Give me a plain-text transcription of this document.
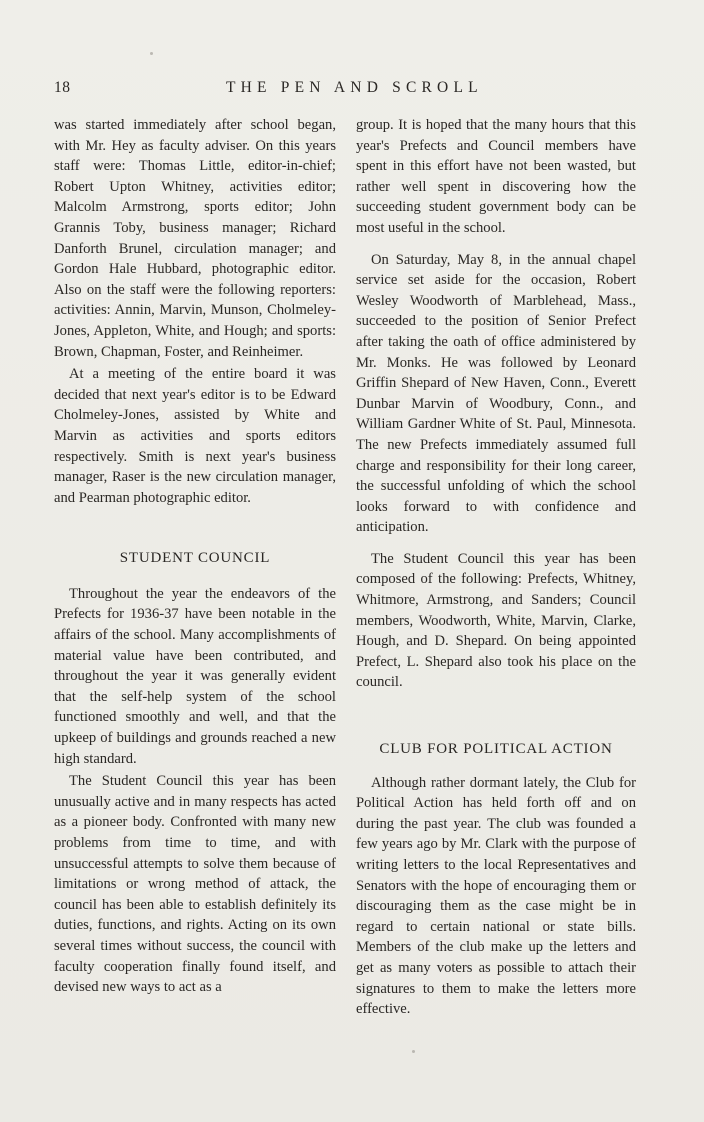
18	THE PEN AND SCROLL

was started immediately after school began, with Mr. Hey as faculty adviser. On this years staff were: Thomas Little, editor-in-chief; Robert Upton Whitney, activities editor; Malcolm Armstrong, sports editor; John Grannis Toby, business manager; Richard Danforth Brunel, circulation manager; and Gordon Hale Hubbard, photographic editor. Also on the staff were the following reporters: activities: Annin, Marvin, Munson, Cholmeley-Jones, Appleton, White, and Hough; and sports: Brown, Chapman, Foster, and Reinheimer.

At a meeting of the entire board it was decided that next year's editor is to be Edward Cholmeley-Jones, assisted by White and Marvin as activities and sports editors respectively. Smith is next year's business manager, Raser is the new circulation manager, and Pearman photographic editor.

STUDENT COUNCIL

Throughout the year the endeavors of the Prefects for 1936-37 have been notable in the affairs of the school. Many accomplishments of material value have been contributed, and throughout the year it was generally evident that the self-help system of the school functioned smoothly and well, and that the upkeep of buildings and grounds reached a new high standard.

The Student Council this year has been unusually active and in many respects has acted as a pioneer body. Confronted with many new problems from time to time, and with unsuccessful attempts to solve them because of limitations or wrong method of attack, the council has been able to establish definitely its duties, functions, and rights. Acting on its own several times without success, the council with faculty cooperation finally found itself, and devised new ways to act as a

group. It is hoped that the many hours that this year's Prefects and Council members have spent in this effort have not been wasted, but rather well spent in discovering how the succeeding student government body can be most useful in the school.

On Saturday, May 8, in the annual chapel service set aside for the occasion, Robert Wesley Woodworth of Marblehead, Mass., succeeded to the position of Senior Prefect after taking the oath of office administered by Mr. Monks. He was followed by Leonard Griffin Shepard of New Haven, Conn., Everett Dunbar Marvin of Woodbury, Conn., and William Gardner White of St. Paul, Minnesota. The new Prefects immediately assumed full charge and responsibility for their long career, the successful unfolding of which the school looks forward to with confidence and anticipation.

The Student Council this year has been composed of the following: Prefects, Whitney, Whitmore, Armstrong, and Sanders; Council members, Woodworth, White, Marvin, Clarke, Hough, and D. Shepard. On being appointed Prefect, L. Shepard also took his place on the council.

CLUB FOR POLITICAL ACTION

Although rather dormant lately, the Club for Political Action has held forth off and on during the past year. The club was founded a few years ago by Mr. Clark with the purpose of writing letters to the local Representatives and Senators with the hope of encouraging them or discouraging them as the case might be in regard to certain national or state bills. Members of the club make up the letters and get as many voters as possible to attach their signatures to them to make the letters more effective.
